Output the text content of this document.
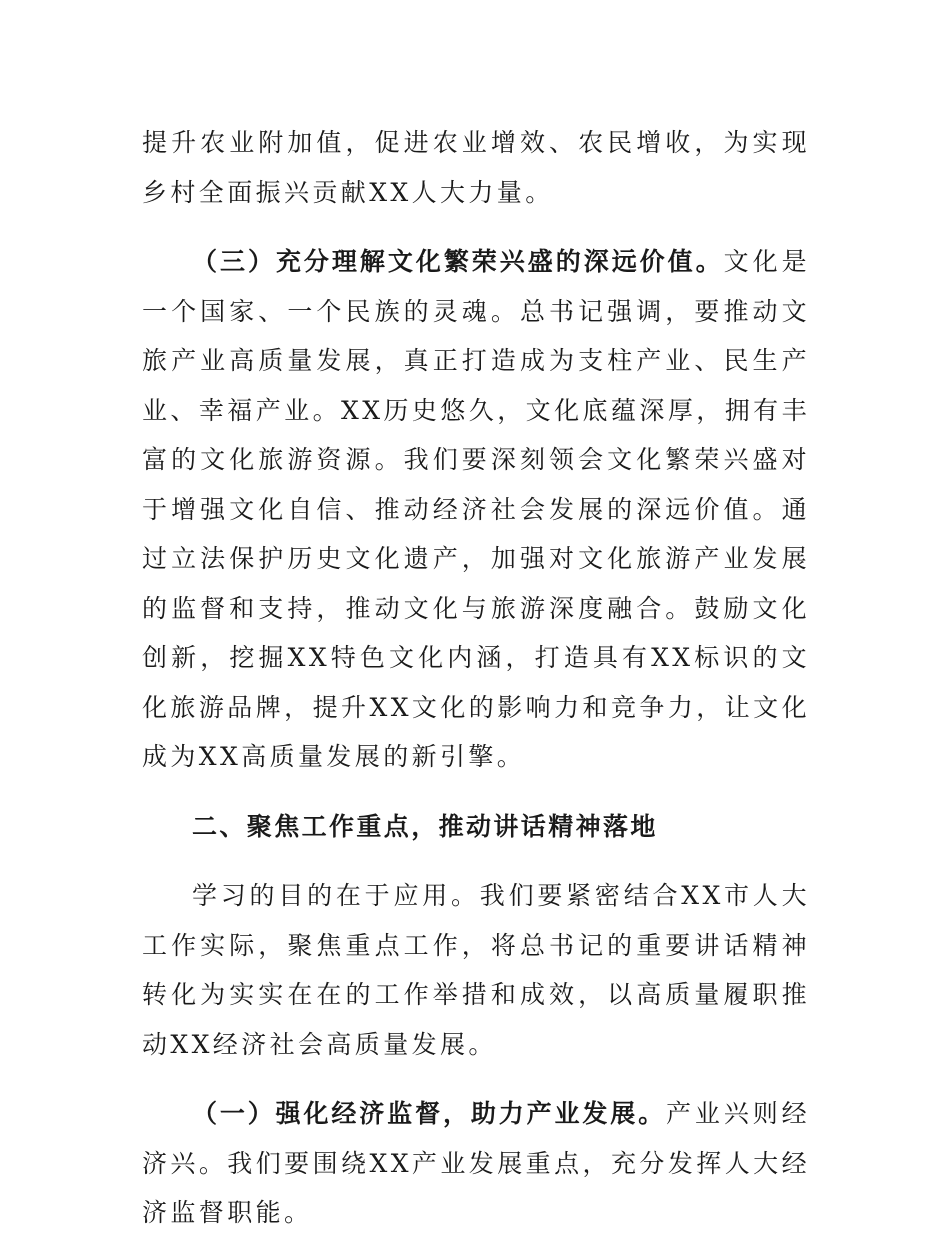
提升农业附加值，促进农业增效、农民增收，为实现乡村全面振兴贡献XX人大力量。

（三）充分理解文化繁荣兴盛的深远价值。文化是一个国家、一个民族的灵魂。总书记强调，要推动文旅产业高质量发展，真正打造成为支柱产业、民生产业、幸福产业。XX历史悠久，文化底蕴深厚，拥有丰富的文化旅游资源。我们要深刻领会文化繁荣兴盛对于增强文化自信、推动经济社会发展的深远价值。通过立法保护历史文化遗产，加强对文化旅游产业发展的监督和支持，推动文化与旅游深度融合。鼓励文化创新，挖掘XX特色文化内涵，打造具有XX标识的文化旅游品牌，提升XX文化的影响力和竞争力，让文化成为XX高质量发展的新引擎。

二、聚焦工作重点，推动讲话精神落地

学习的目的在于应用。我们要紧密结合XX市人大工作实际，聚焦重点工作，将总书记的重要讲话精神转化为实实在在的工作举措和成效，以高质量履职推动XX经济社会高质量发展。

（一）强化经济监督，助力产业发展。产业兴则经济兴。我们要围绕XX产业发展重点，充分发挥人大经济监督职能。
